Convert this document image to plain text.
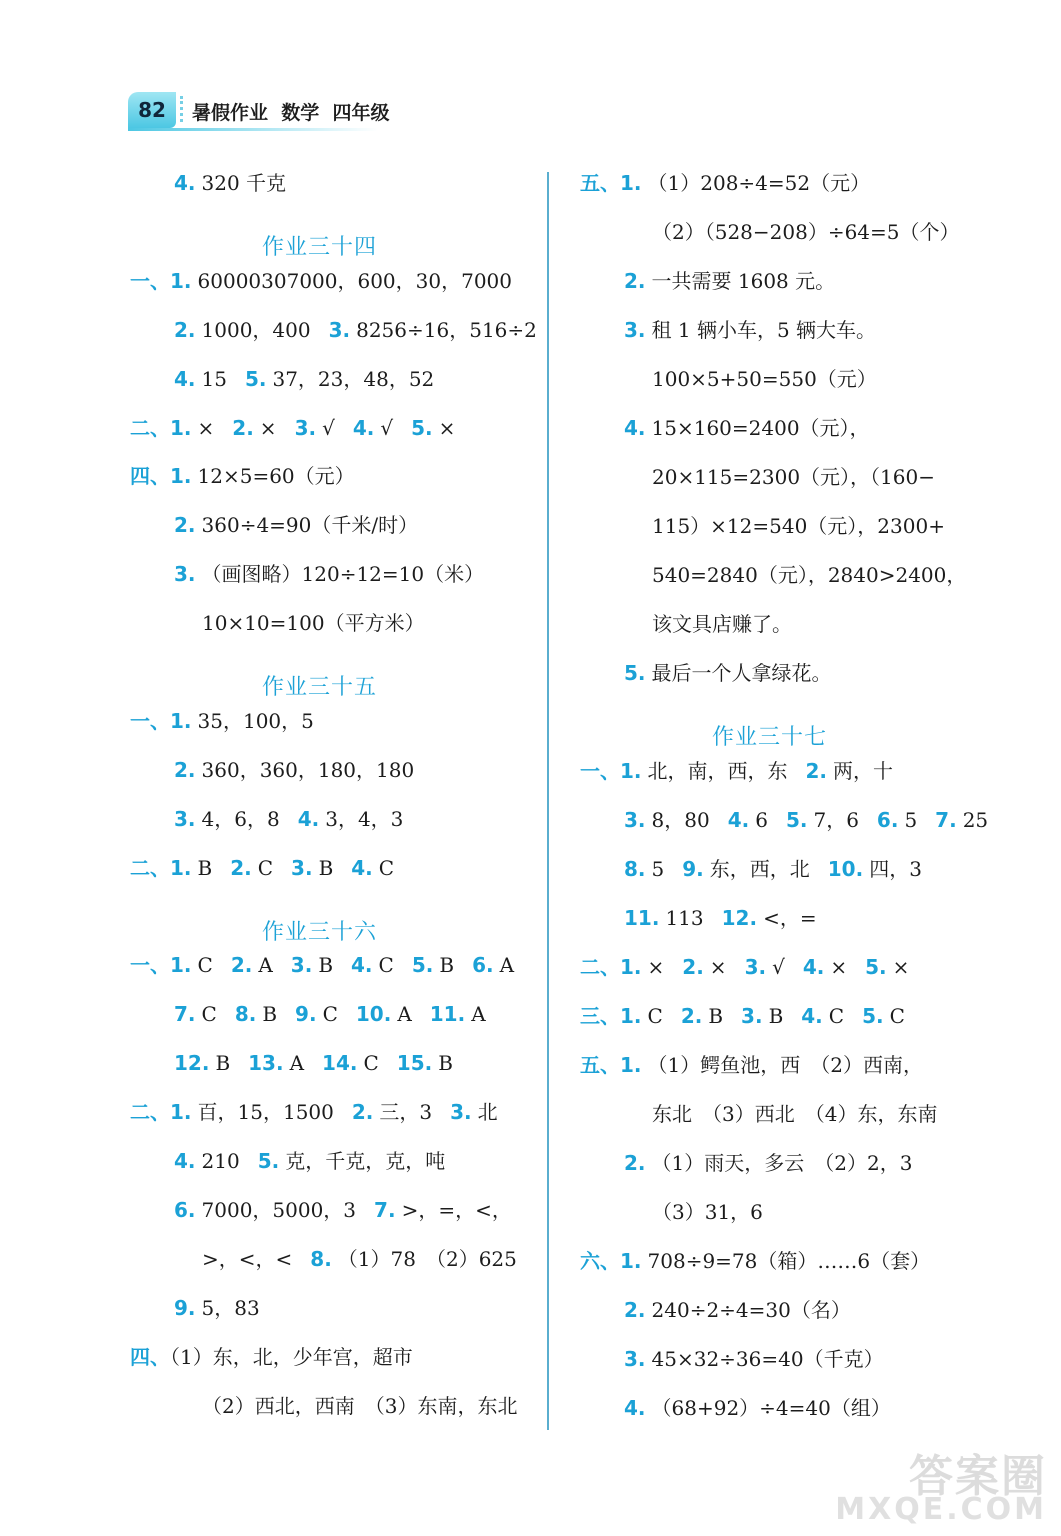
82	暑假作业  数学  四年级
4. 320 千克
作业三十四
一、1. 60000307000，600，30，7000
2. 1000，400 3. 8256÷16，516÷2
4. 15 5. 37，23，48，52
二、1. × 2. × 3. √ 4. √ 5. ×
四、1. 12×5=60（元）
2. 360÷4=90（千米/时）
3. （画图略）120÷12=10（米）
10×10=100（平方米）
作业三十五
一、1. 35，100，5
2. 360，360，180，180
3. 4，6，8 4. 3，4，3
二、1. B 2. C 3. B 4. C
作业三十六
一、1. C 2. A 3. B 4. C 5. B 6. A
7. C 8. B 9. C 10. A 11. A
12. B 13. A 14. C 15. B
二、1. 百，15，1500 2. 三，3 3. 北
4. 210 5. 克，千克，克，吨
6. 7000，5000，3 7. >，=，<，
>，<，< 8. （1）78　（2）625
9. 5，83
四、（1）东，北，少年宫，超市
（2）西北，西南　（3）东南，东北
五、1. （1）208÷4=52（元）
（2）（528−208）÷64=5（个）
2. 一共需要 1608 元。
3. 租 1 辆小车，5 辆大车。
100×5+50=550（元）
4. 15×160=2400（元），
20×115=2300（元），（160−
115）×12=540（元），2300+
540=2840（元），2840>2400，
该文具店赚了。
5. 最后一个人拿绿花。
作业三十七
一、1. 北，南，西，东 2. 两，十
3. 8，80 4. 6 5. 7，6 6. 5 7. 25
8. 5 9. 东，西，北 10. 四，3
11. 113 12. <，=
二、1. × 2. × 3. √ 4. × 5. ×
三、1. C 2. B 3. B 4. C 5. C
五、1. （1）鳄鱼池，西　（2）西南，
东北　（3）西北　（4）东，东南
2. （1）雨天，多云　（2）2，3
（3）31，6
六、1. 708÷9=78（箱）……6（套）
2. 240÷2÷4=30（名）
3. 45×32÷36=40（千克）
4. （68+92）÷4=40（组）
答案圈
MXQE.COM
